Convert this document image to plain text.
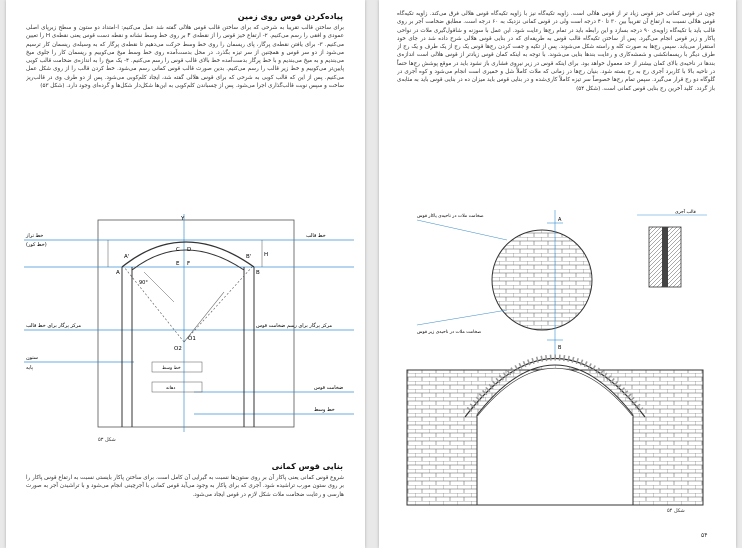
پیاده‌کردن قوس روی زمین
برای ساختن قالب تقریبا به شرحی که برای ساختن قالب قوس هلالی گفته شد عمل می‌کنیم: ا-امتداد دو ستون و سطح زیر‌پای اصلی عمودی و افقی را رسم می‌کنیم. ۲- ارتفاع خیز قوس را از نقطه‌ی F بر روی خط وسط نشانه و نقطه دست قوس یعنی نقطه‌ی H را تعیین می‌کنیم. ۳- برای یافتن نقطه‌ی پرگار، پای ریسمان را روی خط وسط حرکت می‌دهیم تا نقطه‌ی پرگار که به وسیله‌ی ریسمان کار ترسیم می‌شود از دو سر قوس و همچنین از سر تیزه بگذرد. در محل بدست‌آمده روی خط وسط میخ می‌کوبیم و ریسمان کار را جلوی میخ می‌بندیم و به میخ می‌بندیم و با خط پرگار بدست‌آمده خط بالای قالب قوس را رسم می‌کنیم. ۴- یک میخ را به اندازه‌ی ضخامت قالب کوبی پایین‌تر می‌کوبیم و خط زیر قالب را رسم می‌کنیم. بدین صورت قالب قوس کمانی رسم می‌شود. خط کردن قالب را از روی شکل عمل می‌کنیم. پس از این که قالب کوبی به شرحی که برای قوس هلالی گفته شد، ایجاد کلم‌کوبی می‌شود. پس از دو طرف وی در قالب‌ریز ساخت و سپس نوبت قالب‌گذاری اجرا می‌شود. پس از چسباندن کلم‌کوبی به این‌ها شکل‌دار شکل‌ها و گرده‌ای وجود دارد. (شکل ۵۳)
خط تراز
(خط کور)
خط قالب
مرکز پرگار برای خط قالب	مرکز پرگار برای رسم ضخامت قوس
ستون
پایه
ضخامت قوس
خط وسط
خط وسط
دهانه
A
A'
B
B'
C D
E F
H
Y
O1
O2
90°
شکل ۵۳
بنایی قوس کمانی
شروع قوس کمانی یعنی پاکار آن بر روی ستون‌ها نسبت به گیرایی آن کامل است. برای ساختن پاکار بایستی نسبت به ارتفاع قوس پاکار را بر روی ستون مورب تراشیده شود. آجری که برای پاکار به وجود می‌آید قوس کمانی با آجرچینی انجام می‌شود و با تراشیدن آجر به صورت هارسی و رعایت ضخامت ملات شکل لازم در قوس ایجاد می‌شود.
چون در قوس کمانی خیز قوس زیاد تر از قوس هلالی است. زاویه تکیه‌گاه نیز با زاویه تکیه‌گاه قوس هلالی فرق می‌کند. زاویه تکیه‌گاه قوس هلالی نسبت به ارتفاع آن تقریباً بین ۳۰ تا ۴۰ درجه است ولی در قوس کمانی نزدیک به ۶۰ درجه است. مطابق ضخامت آجر بر روی قالب باید با تکیه‌گاه زاویه‌ی ۹۰ درجه بسازد و این رابطه باید در تمام رج‌ها رعایت شود. این عمل با سوزنه و شاقول‌گیری ملات در نواحی پاکار و زیر قوس انجام می‌گیرد. پس از ساختن تکیه‌گاه قالب قوس به طریقه‌ای که در بنایی قوس هلالی شرح داده شد در جای خود استقرار می‌یابد. سپس رج‌ها به صورت کله و راسته شکل می‌شوند. پس از تکیه و جفت کردن رج‌ها قوس یک رج از یک طرف و یک رج از طرف دیگر با ریسمانکشی و شمشه‌کاری و رعایت بندها بنایی می‌شوند. با توجه به اینکه کمان قوس زیادتر از قوس هلالی است اندازه‌ی بندها در ناحیه‌ی بالای کمان بیشتر از حد معمول خواهد بود. برای اینکه قوس در زیر نیروی فشاری باز نشود باید در موقع پوشش رج‌ها حتماً در ناحیه بالا با کاربرد آجری رج به رج بسته شود. بنیان رج‌ها در زمانی که ملات کاملاً شل و خمیری است انجام می‌شود و کوه آجری در گلوگاه دو رج قرار می‌گیرد. سپس تمام رج‌ها خصوصاً سر تیزه کاملاً کاری‌شده و در بنایی قوس باید میزان ده در بنایی قوس باید به مثابه‌ی باز گردد. کلید آخرین رج بنایی قوس کمانی است. (شکل ۵۴)
ضخامت ملات در ناحیه‌ی پاکار قوس
ضخامت ملات در ناحیه‌ی زیر قوس
قالب آجری
A
B
شکل ۵۴
۵۴
